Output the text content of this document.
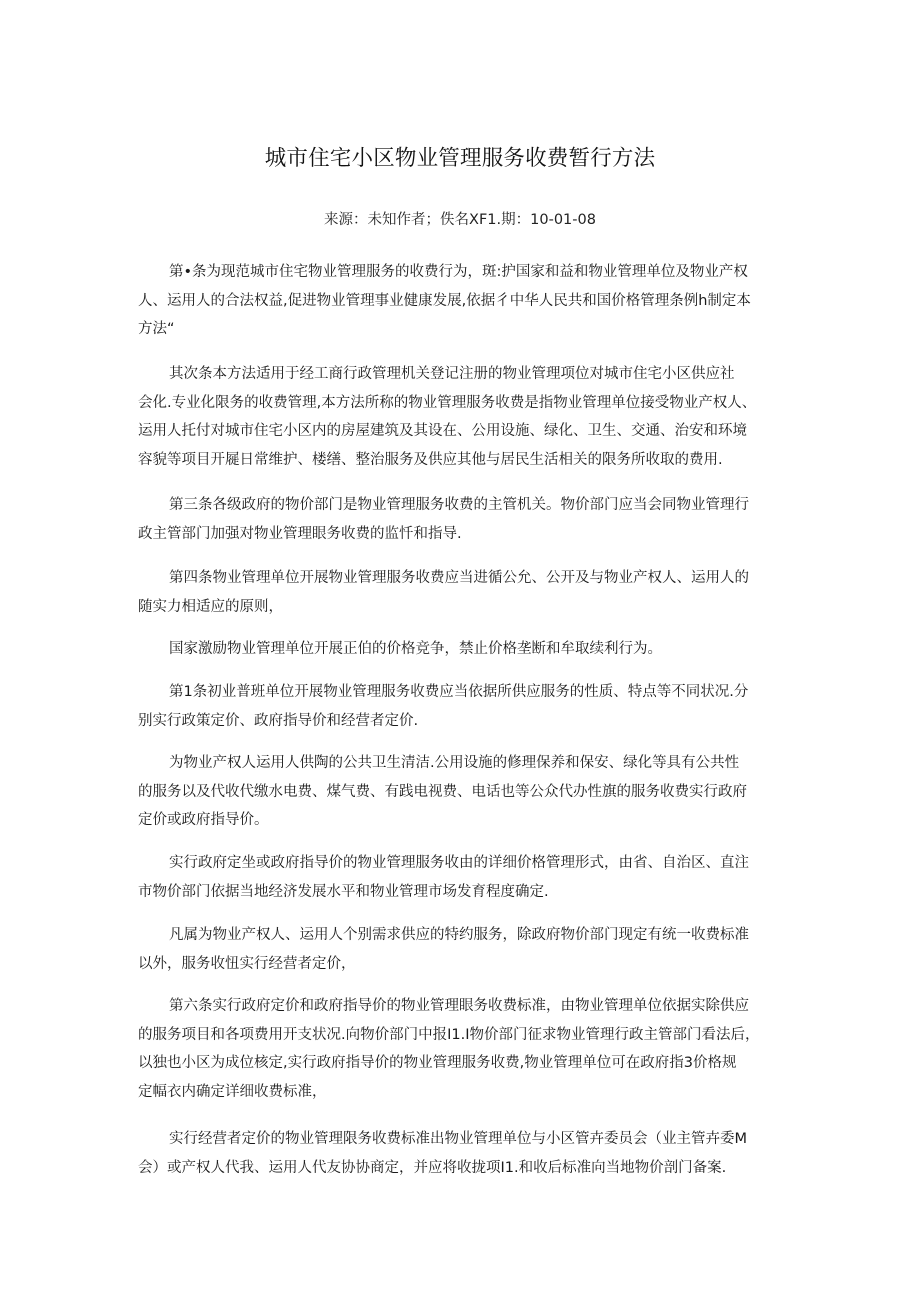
城市住宅小区物业管理服务收费暂行方法
来源：未知作者；佚名XF1.期：10-01-08
第•条为现范城市住宅物业管理服务的收费行为，斑:护国家和益和物业管理单位及物业产权
人、运用人的合法权益,促进物业管理事业健康发展,依据彳中华人民共和国价格管理条例h制定本
方法“
其次条本方法适用于经工商行政管理机关登记注册的物业管理项位对城市住宅小区供应社
会化.专业化限务的收费管理,本方法所称的物业管理服务收费是指物业管理单位接受物业产权人、
运用人托付对城市住宅小区内的房屋建筑及其设在、公用设施、绿化、卫生、交通、治安和环境
容貌等项目开屣日常维护、楼缮、整治服务及供应其他与居民生活相关的限务所收取的费用.
第三条各级政府的物价部门是物业管理服务收费的主管机关。物价部门应当会同物业管理行
政主管部门加强对物业管理眼务收费的监忏和指导.
第四条物业管理单位开展物业管理服务收费应当进循公允、公开及与物业产权人、运用人的
随实力相适应的原则，
国家激励物业管理单位开展正伯的价格竞争，禁止价格垄断和牟取续利行为。
第1条初业普班单位开展物业管理服务收费应当依据所供应服务的性质、特点等不同状况.分
别实行政策定价、政府指导价和经营者定价.
为物业产权人运用人供陶的公共卫生清洁.公用设施的修理保养和保安、绿化等具有公共性
的服务以及代收代缴水电费、煤气费、有践电视费、电话也等公众代办性旗的服务收费实行政府
定价或政府指导价。
实行政府定坐或政府指导价的物业管理服务收由的详细价格管理形式，由省、自治区、直注
市物价部门依据当地经济发展水平和物业管理市场发育程度确定.
凡属为物业产权人、运用人个别需求供应的特约服务，除政府物价部门现定有统一收费标准
以外，服务收忸实行经营者定价，
第六条实行政府定价和政府指导价的物业管理眼务收费标准，由物业管理单位依据实除供应
的服务项目和各项费用开支状况.向物价部门中报I1.I物价部门征求物业管理行政主管部门看法后，
以独也小区为成位核定,实行政府指导价的物业管理服务收费,物业管理单位可在政府指3价格规
定幅衣内确定详细收费标准，
实行经营者定价的物业管理限务收费标准出物业管理单位与小区管卉委员会（业主管卉委M
会）或产权人代我、运用人代友协协商定，并应将收拢项I1.和收后标准向当地物价剖门备案.
